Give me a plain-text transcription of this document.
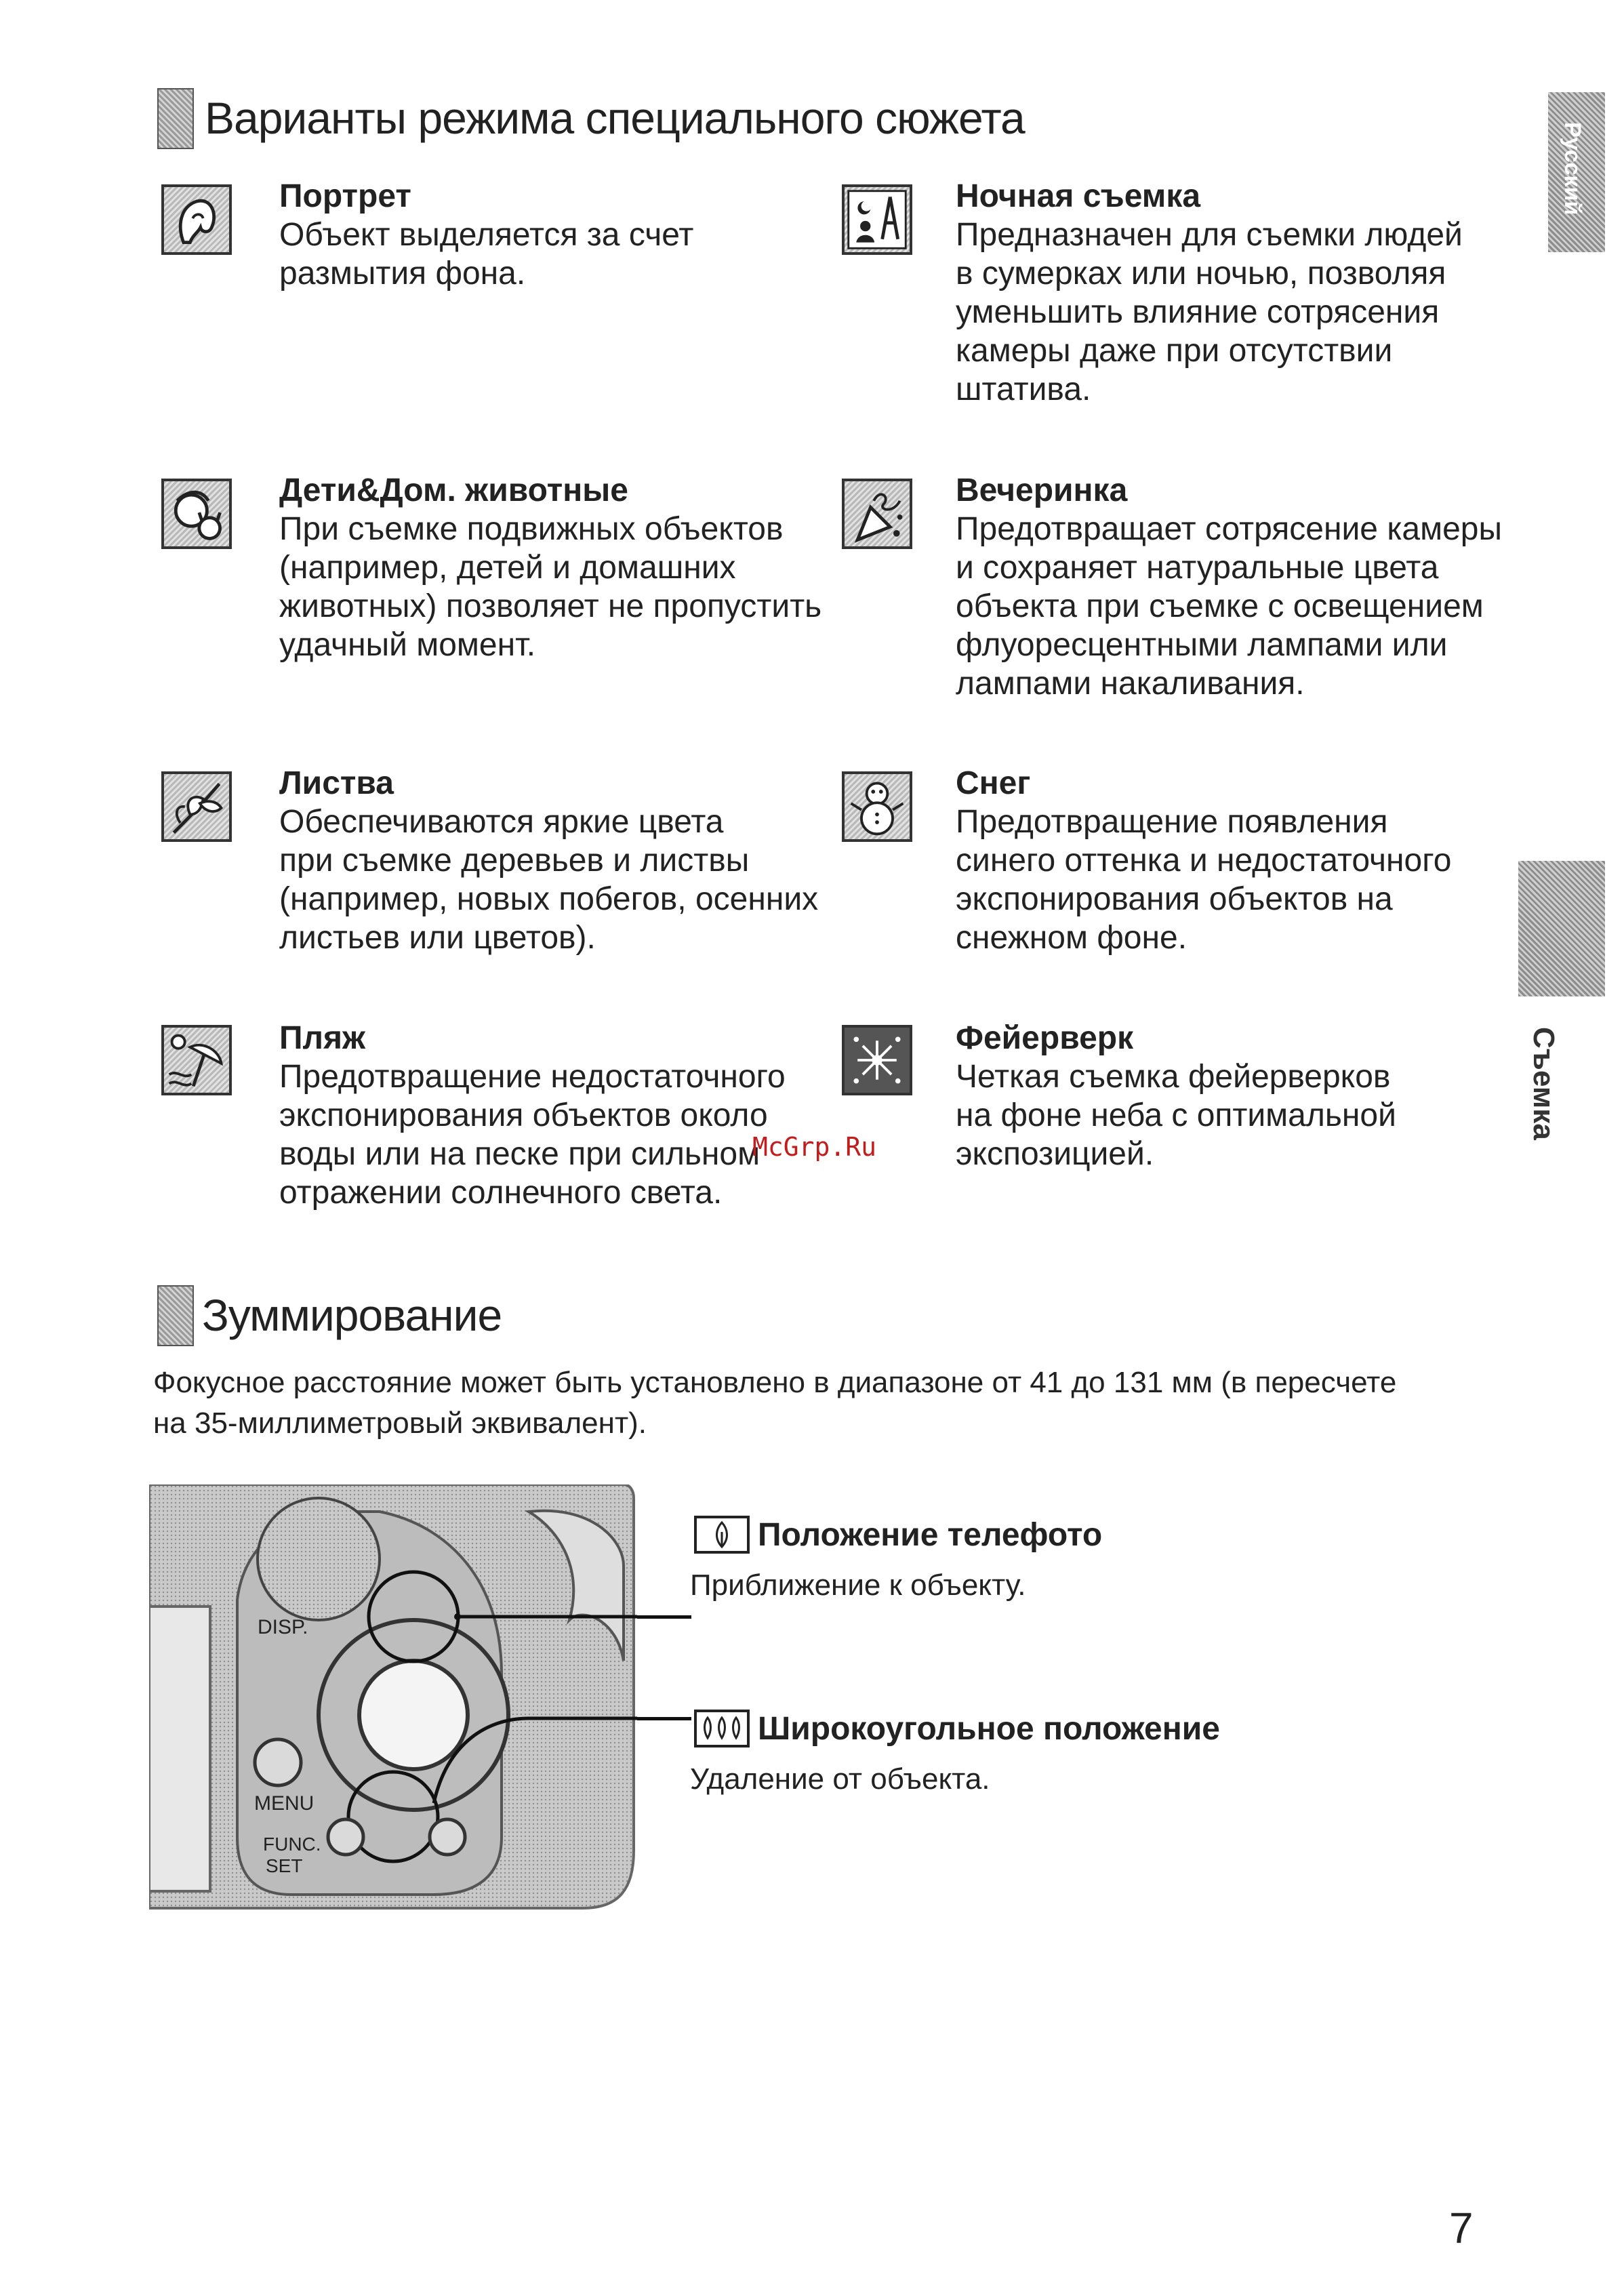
Варианты режима специального сюжета
Русский
Съемка
Портрет
Объект выделяется за счет
размытия фона.
Ночная съемка
Предназначен для съемки людей
в сумерках или ночью, позволяя
уменьшить влияние сотрясения
камеры даже при отсутствии
штатива.
Дети&Дом. животные
При съемке подвижных объектов
(например, детей и домашних
животных) позволяет не пропустить
удачный момент.
Вечеринка
Предотвращает сотрясение камеры
и сохраняет натуральные цвета
объекта при съемке с освещением
флуоресцентными лампами или
лампами накаливания.
Листва
Обеспечиваются яркие цвета
при съемке деревьев и листвы
(например, новых побегов, осенних
листьев или цветов).
Снег
Предотвращение появления
синего оттенка и недостаточного
экспонирования объектов на
снежном фоне.
Пляж
Предотвращение недостаточного
экспонирования объектов около
воды или на песке при сильном
отражении солнечного света.
Фейерверк
Четкая съемка фейерверков
на фоне неба с оптимальной
экспозицией.
McGrp.Ru
Зуммирование
Фокусное расстояние может быть установлено в диапазоне от 41 до 131 мм (в пересчете
на 35-миллиметровый эквивалент).
DISP.
MENU
FUNC.
SET
Положение телефото
Приближение к объекту.
Широкоугольное положение
Удаление от объекта.
7
